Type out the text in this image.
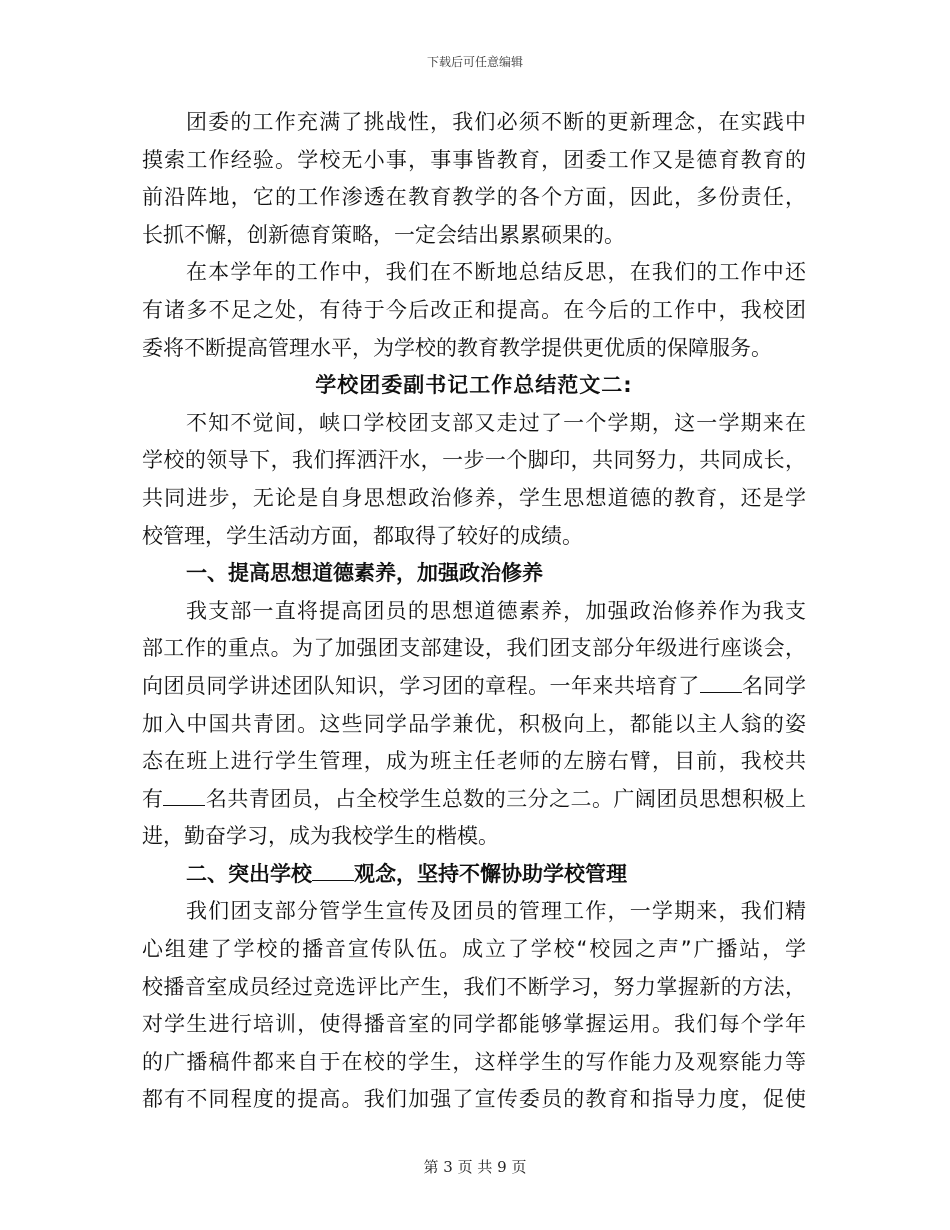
下载后可任意编辑

团委的工作充满了挑战性，我们必须不断的更新理念，在实践中
摸索工作经验。学校无小事，事事皆教育，团委工作又是德育教育的
前沿阵地，它的工作渗透在教育教学的各个方面，因此，多份责任，
长抓不懈，创新德育策略，一定会结出累累硕果的。

在本学年的工作中，我们在不断地总结反思，在我们的工作中还
有诸多不足之处，有待于今后改正和提高。在今后的工作中，我校团
委将不断提高管理水平，为学校的教育教学提供更优质的保障服务。

学校团委副书记工作总结范文二:

不知不觉间，峡口学校团支部又走过了一个学期，这一学期来在
学校的领导下，我们挥洒汗水，一步一个脚印，共同努力，共同成长，
共同进步，无论是自身思想政治修养，学生思想道德的教育，还是学
校管理，学生活动方面，都取得了较好的成绩。

一、提高思想道德素养，加强政治修养

我支部一直将提高团员的思想道德素养，加强政治修养作为我支
部工作的重点。为了加强团支部建设，我们团支部分年级进行座谈会，
向团员同学讲述团队知识，学习团的章程。一年来共培育了 名同学
加入中国共青团。这些同学品学兼优，积极向上，都能以主人翁的姿
态在班上进行学生管理，成为班主任老师的左膀右臂，目前，我校共
有 名共青团员，占全校学生总数的三分之二。广阔团员思想积极上
进，勤奋学习，成为我校学生的楷模。

二、突出学校 观念，坚持不懈协助学校管理

我们团支部分管学生宣传及团员的管理工作，一学期来，我们精
心组建了学校的播音宣传队伍。成立了学校“校园之声”广播站，学
校播音室成员经过竞选评比产生，我们不断学习，努力掌握新的方法，
对学生进行培训，使得播音室的同学都能够掌握运用。我们每个学年
的广播稿件都来自于在校的学生，这样学生的写作能力及观察能力等
都有不同程度的提高。我们加强了宣传委员的教育和指导力度，促使

第 3 页 共 9 页
